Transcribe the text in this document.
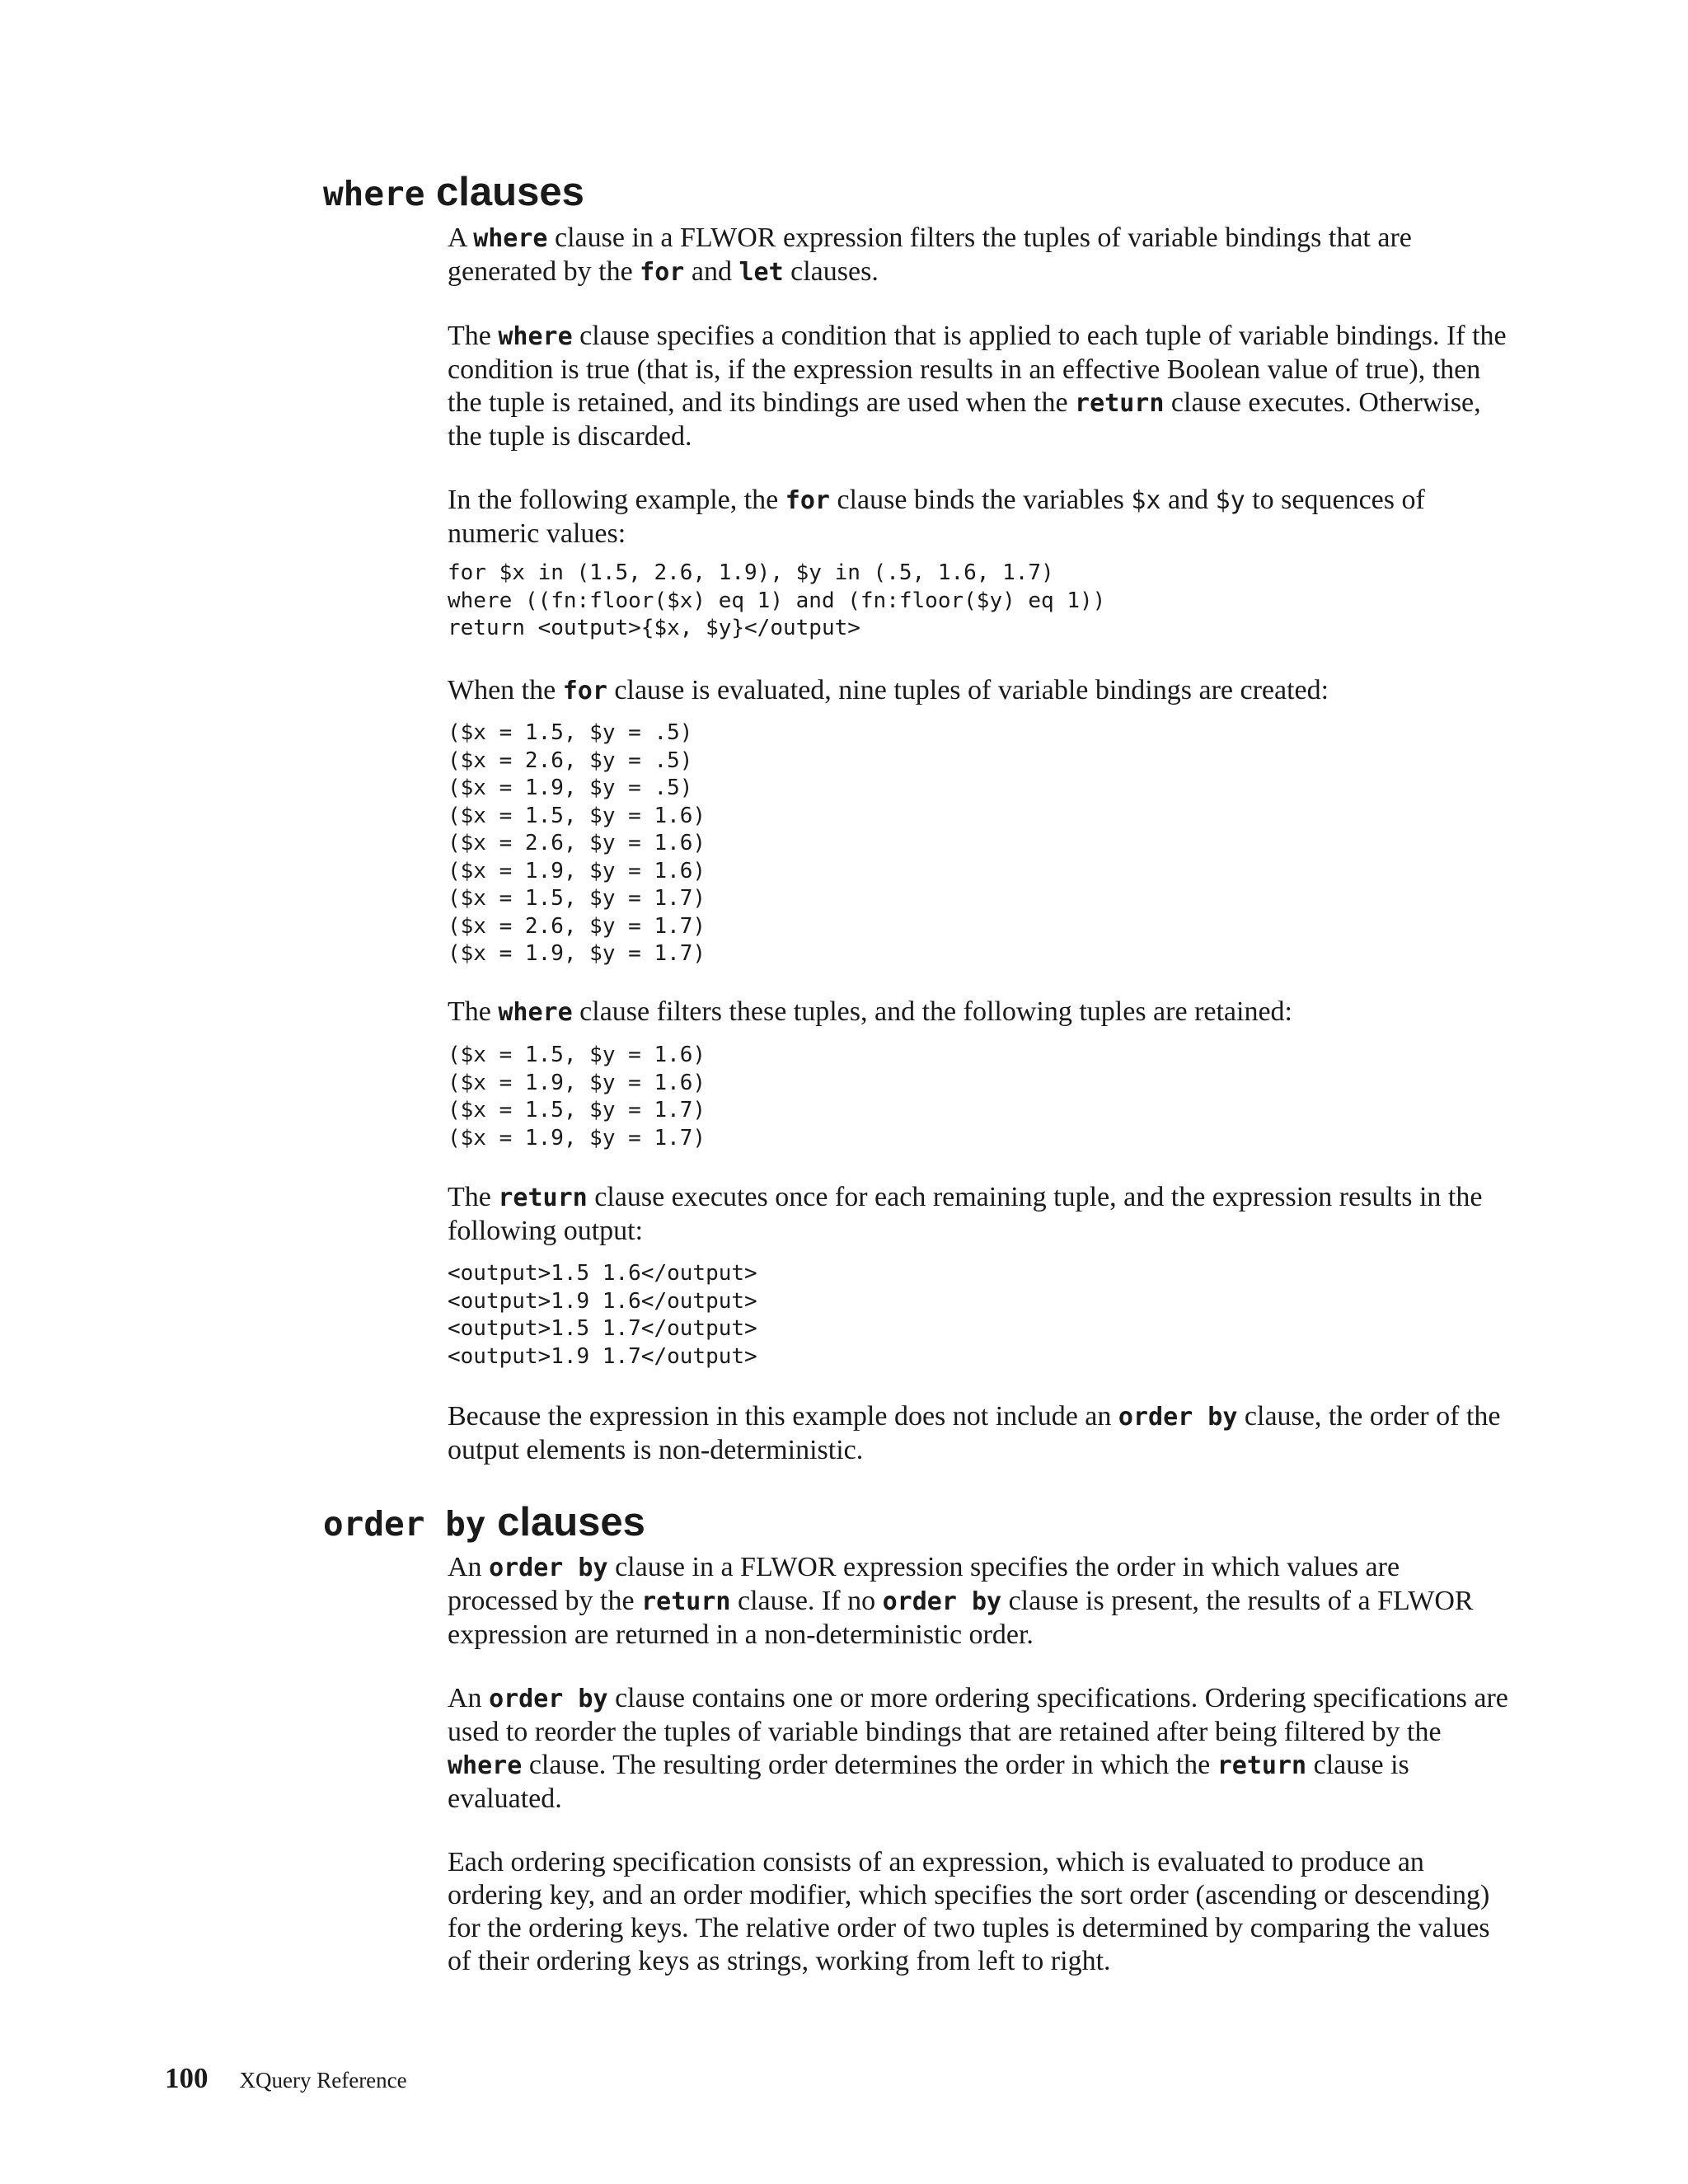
where clauses

A where clause in a FLWOR expression filters the tuples of variable bindings that are generated by the for and let clauses.

The where clause specifies a condition that is applied to each tuple of variable bindings. If the condition is true (that is, if the expression results in an effective Boolean value of true), then the tuple is retained, and its bindings are used when the return clause executes. Otherwise, the tuple is discarded.

In the following example, the for clause binds the variables $x and $y to sequences of numeric values:

for $x in (1.5, 2.6, 1.9), $y in (.5, 1.6, 1.7)
where ((fn:floor($x) eq 1) and (fn:floor($y) eq 1))
return <output>{$x, $y}</output>

When the for clause is evaluated, nine tuples of variable bindings are created:

($x = 1.5, $y = .5)
($x = 2.6, $y = .5)
($x = 1.9, $y = .5)
($x = 1.5, $y = 1.6)
($x = 2.6, $y = 1.6)
($x = 1.9, $y = 1.6)
($x = 1.5, $y = 1.7)
($x = 2.6, $y = 1.7)
($x = 1.9, $y = 1.7)

The where clause filters these tuples, and the following tuples are retained:

($x = 1.5, $y = 1.6)
($x = 1.9, $y = 1.6)
($x = 1.5, $y = 1.7)
($x = 1.9, $y = 1.7)

The return clause executes once for each remaining tuple, and the expression results in the following output:

<output>1.5 1.6</output>
<output>1.9 1.6</output>
<output>1.5 1.7</output>
<output>1.9 1.7</output>

Because the expression in this example does not include an order by clause, the order of the output elements is non-deterministic.

order by clauses

An order by clause in a FLWOR expression specifies the order in which values are processed by the return clause. If no order by clause is present, the results of a FLWOR expression are returned in a non-deterministic order.

An order by clause contains one or more ordering specifications. Ordering specifications are used to reorder the tuples of variable bindings that are retained after being filtered by the where clause. The resulting order determines the order in which the return clause is evaluated.

Each ordering specification consists of an expression, which is evaluated to produce an ordering key, and an order modifier, which specifies the sort order (ascending or descending) for the ordering keys. The relative order of two tuples is determined by comparing the values of their ordering keys as strings, working from left to right.

100 XQuery Reference
